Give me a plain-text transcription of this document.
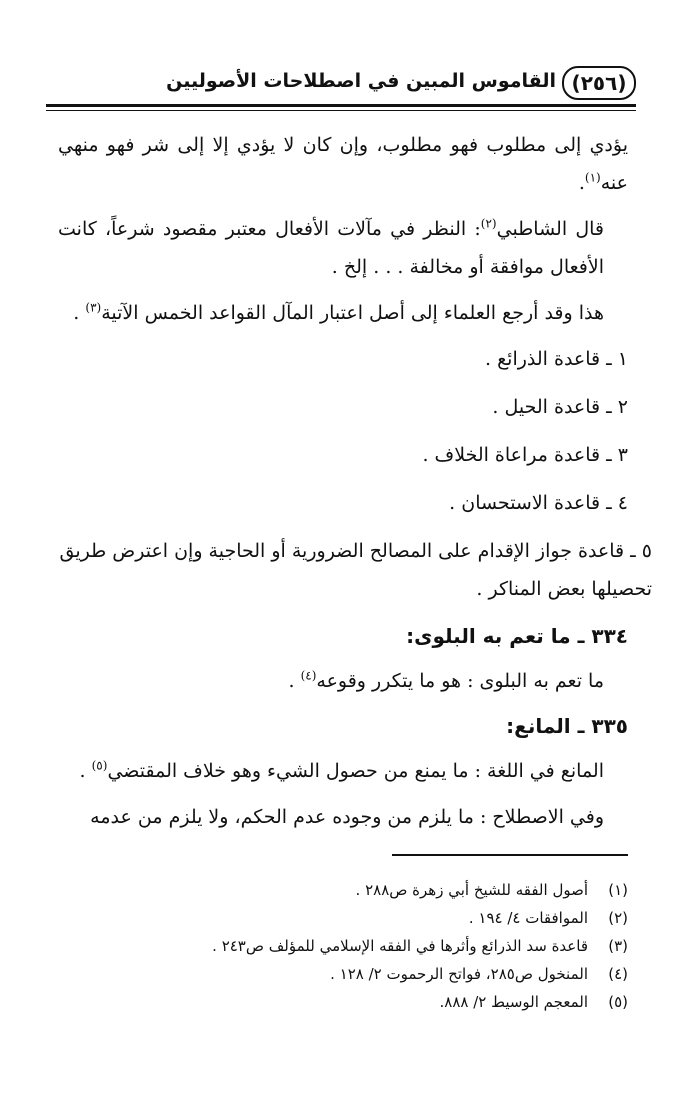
(٢٥٦)
القاموس المبين في اصطلاحات الأصوليين

يؤدي إلى مطلوب فهو مطلوب، وإن كان لا يؤدي إلا إلى شر فهو منهي عنه$^{(١)}$.

قال الشاطبي$^{(٢)}$: النظر في مآلات الأفعال معتبر مقصود شرعاً، كانت الأفعال موافقة أو مخالفة . . . إلخ .

هذا وقد أرجع العلماء إلى أصل اعتبار المآل القواعد الخمس الآتية$^{(٣)}$ .

١ ـ قاعدة الذرائع .
٢ ـ قاعدة الحيل .
٣ ـ قاعدة مراعاة الخلاف .
٤ ـ قاعدة الاستحسان .
٥ ـ قاعدة جواز الإقدام على المصالح الضرورية أو الحاجية وإن اعترض طريق تحصيلها بعض المناكر .
٣٣٤ ـ ما تعم به البلوى:

ما تعم به البلوى : هو ما يتكرر وقوعه$^{(٤)}$ .

٣٣٥ ـ المانع:

المانع في اللغة : ما يمنع من حصول الشيء وهو خلاف المقتضي$^{(٥)}$ .

وفي الاصطلاح : ما يلزم من وجوده عدم الحكم، ولا يلزم من عدمه

(١)أصول الفقه للشيخ أبي زهرة ص٢٨٨ .
(٢)الموافقات ٤/ ١٩٤ .
(٣)قاعدة سد الذرائع وأثرها في الفقه الإسلامي للمؤلف ص٢٤٣ .
(٤)المنخول ص٢٨٥، فواتح الرحموت ٢/ ١٢٨ .
(٥)المعجم الوسيط ٢/ ٨٨٨.
